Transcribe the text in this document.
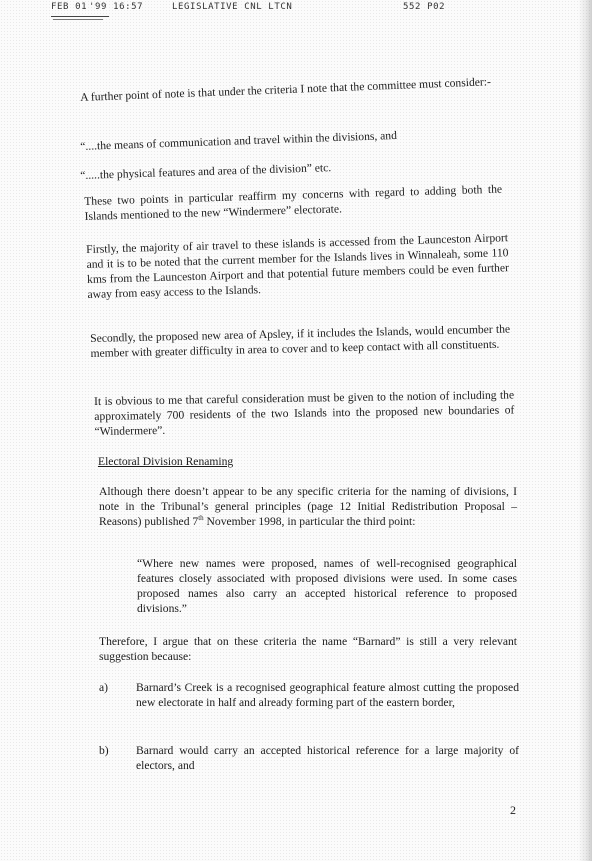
FEB 01 '99 16:57	LEGISLATIVE CNL LTCN	552 P02

A further point of note is that under the criteria I note that the committee must consider:-

“....the means of communication and travel within the divisions, and

“.....the physical features and area of the division” etc.

These two points in particular reaffirm my concerns with regard to adding both the Islands mentioned to the new “Windermere” electorate.

Firstly, the majority of air travel to these islands is accessed from the Launceston Airport and it is to be noted that the current member for the Islands lives in Winnaleah, some 110 kms from the Launceston Airport and that potential future members could be even further away from easy access to the Islands.

Secondly, the proposed new area of Apsley, if it includes the Islands, would encumber the member with greater difficulty in area to cover and to keep contact with all constituents.

It is obvious to me that careful consideration must be given to the notion of including the approximately 700 residents of the two Islands into the proposed new boundaries of “Windermere”.

Electoral Division Renaming

Although there doesn’t appear to be any specific criteria for the naming of divisions, I note in the Tribunal’s general principles (page 12 Initial Redistribution Proposal – Reasons) published 7th November 1998, in particular the third point:

“Where new names were proposed, names of well-recognised geographical features closely associated with proposed divisions were used. In some cases proposed names also carry an accepted historical reference to proposed divisions.”

Therefore, I argue that on these criteria the name “Barnard” is still a very relevant suggestion because:

a) Barnard’s Creek is a recognised geographical feature almost cutting the proposed new electorate in half and already forming part of the eastern border,

b) Barnard would carry an accepted historical reference for a large majority of electors, and

2
